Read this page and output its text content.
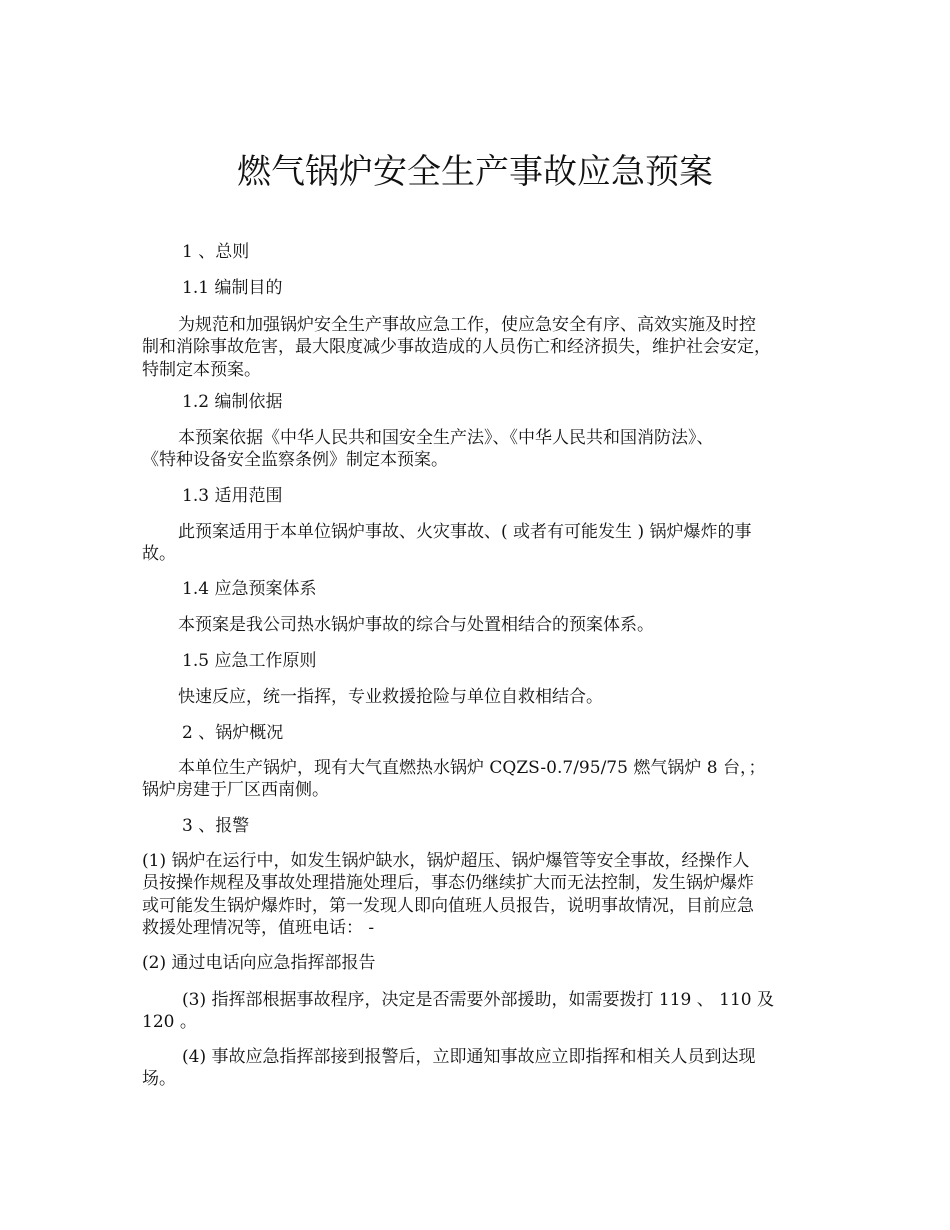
燃气锅炉安全生产事故应急预案
1 、总则
1.1 编制目的
为规范和加强锅炉安全生产事故应急工作，使应急安全有序、高效实施及时控
制和消除事故危害，最大限度减少事故造成的人员伤亡和经济损失，维护社会安定，
特制定本预案。
1.2 编制依据
本预案依据《中华人民共和国安全生产法》、《中华人民共和国消防法》、
《特种设备安全监察条例》制定本预案。
1.3 适用范围
此预案适用于本单位锅炉事故、火灾事故、( 或者有可能发生 ) 锅炉爆炸的事
故。
1.4 应急预案体系
本预案是我公司热水锅炉事故的综合与处置相结合的预案体系。
1.5 应急工作原则
快速反应，统一指挥，专业救援抢险与单位自救相结合。
2 、锅炉概况
本单位生产锅炉，现有大气直燃热水锅炉 CQZS-0.7/95/75 燃气锅炉 8 台，；
锅炉房建于厂区西南侧。
3 、报警
(1) 锅炉在运行中，如发生锅炉缺水，锅炉超压、锅炉爆管等安全事故，经操作人
员按操作规程及事故处理措施处理后，事态仍继续扩大而无法控制，发生锅炉爆炸
或可能发生锅炉爆炸时，第一发现人即向值班人员报告，说明事故情况，目前应急
救援处理情况等，值班电话： -
(2) 通过电话向应急指挥部报告
(3) 指挥部根据事故程序，决定是否需要外部援助，如需要拨打 119 、 110 及
120 。
(4) 事故应急指挥部接到报警后，立即通知事故应立即指挥和相关人员到达现
场。
